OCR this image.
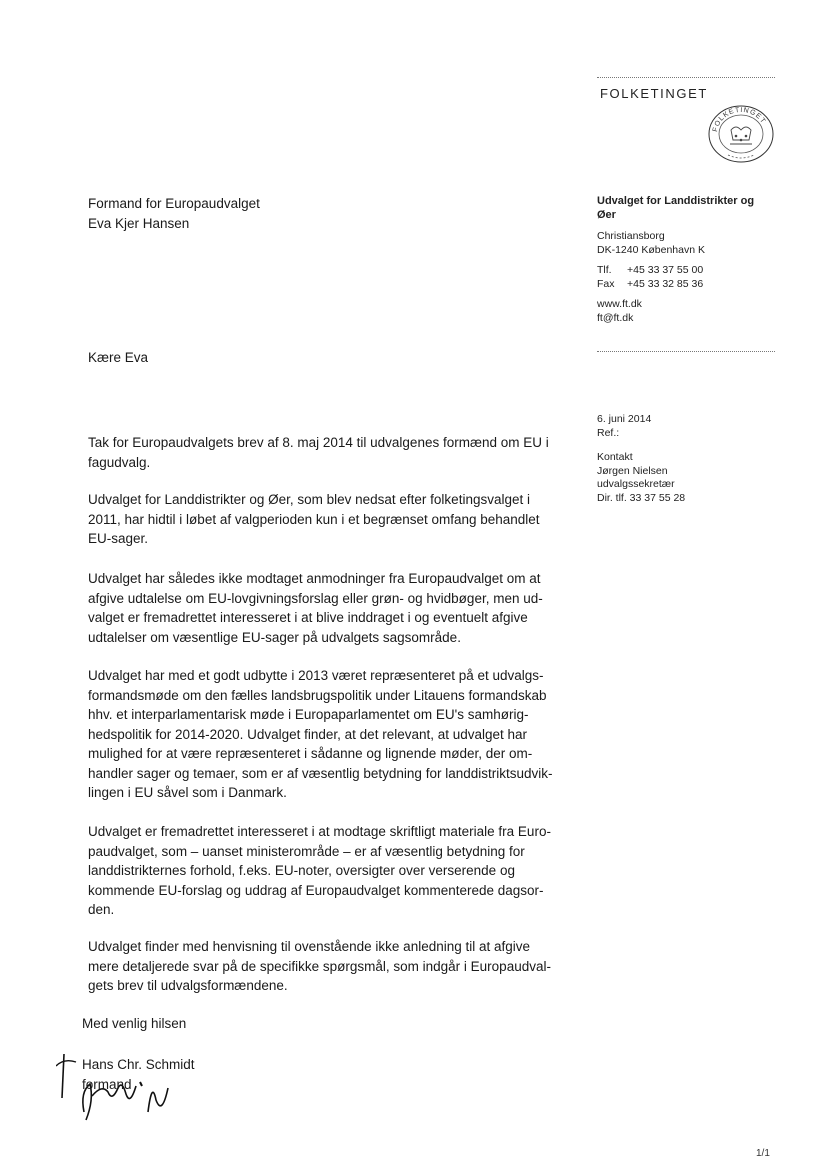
FOLKETINGET
FOLKETINGET
Udvalget for Landdistrikter og
Øer
Christiansborg
DK-1240 København K
Tlf. +45 33 37 55 00
Fax +45 33 32 85 36
www.ft.dk
ft@ft.dk
6. juni 2014
Ref.:
Kontakt
Jørgen Nielsen
udvalgssekretær
Dir. tlf. 33 37 55 28
Formand for Europaudvalget
Eva Kjer Hansen
Kære Eva

Tak for Europaudvalgets brev af 8. maj 2014 til udvalgenes formænd om EU i
fagudvalg.

Udvalget for Landdistrikter og Øer, som blev nedsat efter folketingsvalget i
2011, har hidtil i løbet af valgperioden kun i et begrænset omfang behandlet
EU-sager.

Udvalget har således ikke modtaget anmodninger fra Europaudvalget om at
afgive udtalelse om EU-lovgivningsforslag eller grøn- og hvidbøger, men ud-
valget er fremadrettet interesseret i at blive inddraget i og eventuelt afgive
udtalelser om væsentlige EU-sager på udvalgets sagsområde.

Udvalget har med et godt udbytte i 2013 været repræsenteret på et udvalgs-
formandsmøde om den fælles landsbrugspolitik under Litauens formandskab
hhv. et interparlamentarisk møde i Europaparlamentet om EU's samhørig-
hedspolitik for 2014-2020. Udvalget finder, at det relevant, at udvalget har
mulighed for at være repræsenteret i sådanne og lignende møder, der om-
handler sager og temaer, som er af væsentlig betydning for landdistriktsudvik-
lingen i EU såvel som i Danmark.

Udvalget er fremadrettet interesseret i at modtage skriftligt materiale fra Euro-
paudvalget, som – uanset ministerområde – er af væsentlig betydning for
landdistrikternes forhold, f.eks. EU-noter, oversigter over verserende og
kommende EU-forslag og uddrag af Europaudvalget kommenterede dagsor-
den.

Udvalget finder med henvisning til ovenstående ikke anledning til at afgive
mere detaljerede svar på de specifikke spørgsmål, som indgår i Europaudval-
gets brev til udvalgsformændene.

Med venlig hilsen
Hans Chr. Schmidt
formand
1/1
